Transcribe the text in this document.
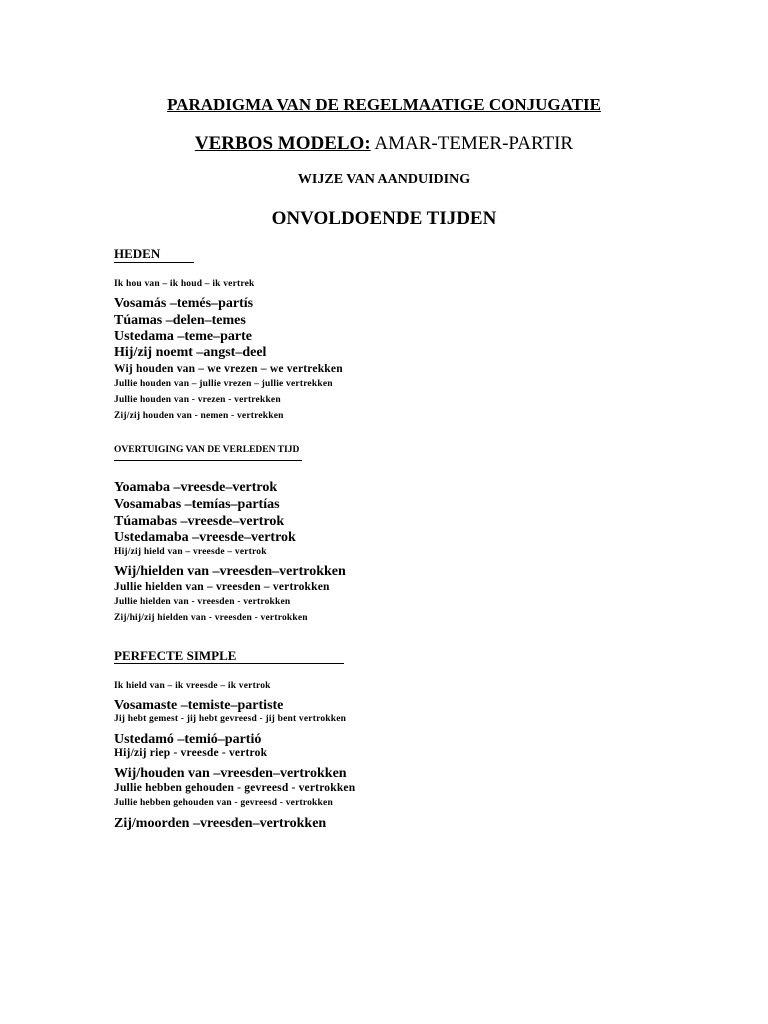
PARADIGMA VAN DE REGELMAATIGE CONJUGATIE
VERBOS MODELO: AMAR-TEMER-PARTIR
WIJZE VAN AANDUIDING
ONVOLDOENDE TIJDEN
HEDEN
Ik hou van – ik houd – ik vertrek
Vosamás –temés–partís
Túamas –delen–temes
Ustedama –teme–parte
Hij/zij noemt –angst–deel
Wij houden van – we vrezen – we vertrekken
Jullie houden van – jullie vrezen – jullie vertrekken
Jullie houden van - vrezen - vertrekken
Zij/zij houden van - nemen - vertrekken
OVERTUIGING VAN DE VERLEDEN TIJD
Yoamaba –vreesde–vertrok
Vosamabas –temías–partías
Túamabas –vreesde–vertrok
Ustedamaba –vreesde–vertrok
Hij/zij hield van – vreesde – vertrok
Wij/hielden van –vreesden–vertrokken
Jullie hielden van – vreesden – vertrokken
Jullie hielden van - vreesden - vertrokken
Zij/hij/zij hielden van - vreesden - vertrokken
PERFECTE SIMPLE
Ik hield van – ik vreesde – ik vertrok
Vosamaste –temiste–partiste
Jij hebt gemest - jij hebt gevreesd - jij bent vertrokken
Ustedamó –temió–partió
Hij/zij riep - vreesde - vertrok
Wij/houden van –vreesden–vertrokken
Jullie hebben gehouden - gevreesd - vertrokken
Jullie hebben gehouden van - gevreesd - vertrokken
Zij/moorden –vreesden–vertrokken
